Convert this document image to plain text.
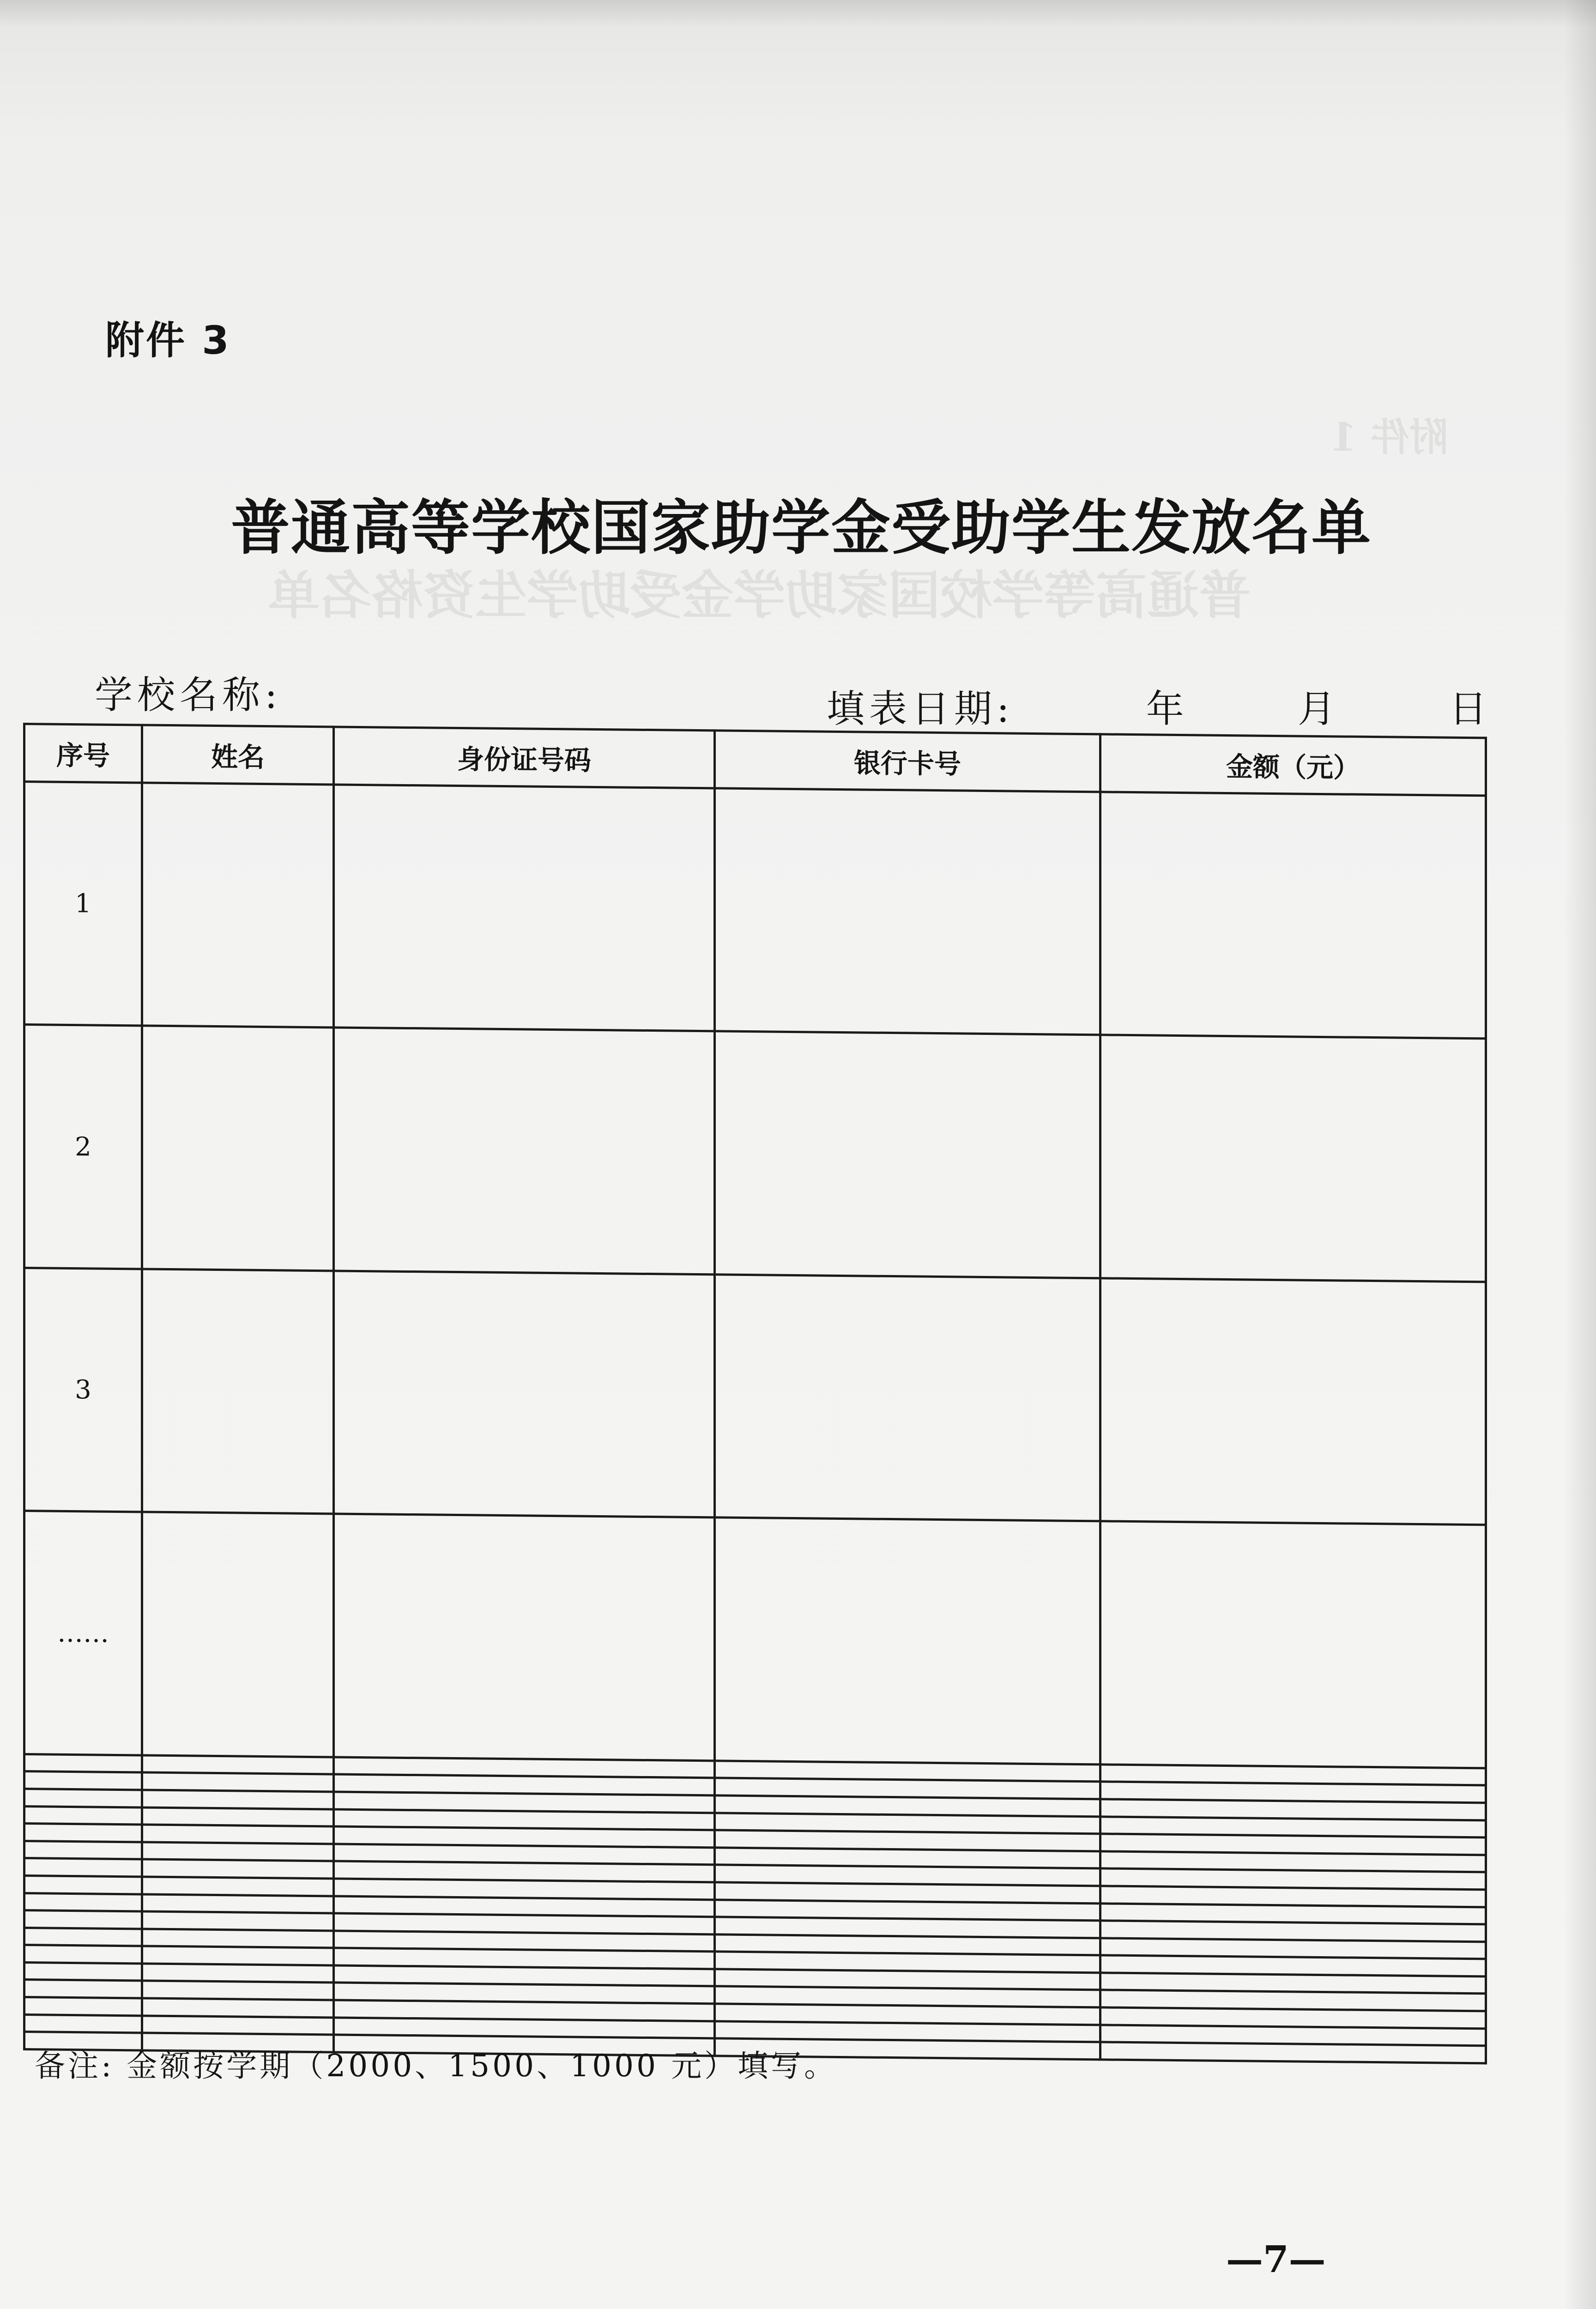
附件 1
普通高等学校国家助学金受助学生资格名单
附件 3
普通高等学校国家助学金受助学生发放名单
学校名称:	填表日期:	年	月	日
序号	姓名	身份证号码	银行卡号	金额（元）
1				
2				
3				
……				

备注: 金额按学期（2000、1500、1000 元）填写。
—7—
